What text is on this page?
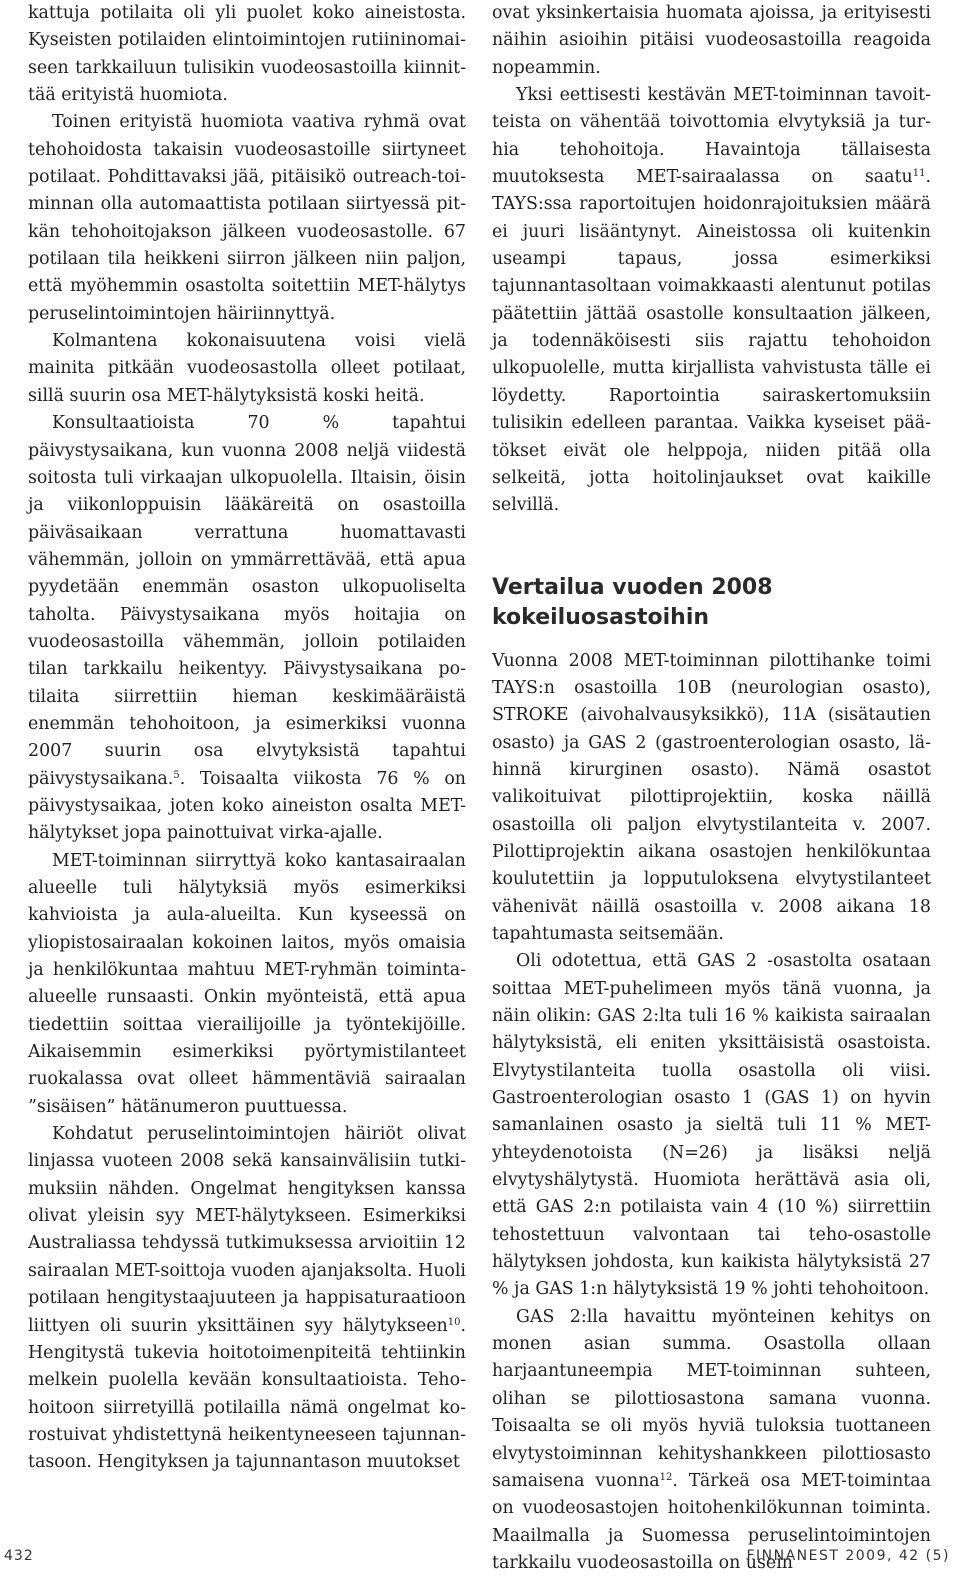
kattuja potilaita oli yli puolet koko aineistosta. Kyseisten potilaiden elintoimintojen rutiininomaiseen tarkkailuun tulisikin vuodeosastoilla kiinnittää erityistä huomiota.

Toinen erityistä huomiota vaativa ryhmä ovat tehohoidosta takaisin vuodeosastoille siirtyneet potilaat. Pohdittavaksi jää, pitäisikö outreach-toiminnan olla automaattista potilaan siirtyessä pitkän tehohoitojakson jälkeen vuodeosastolle. 67 potilaan tila heikkeni siirron jälkeen niin paljon, että myöhemmin osastolta soitettiin MET-hälytys peruselintoimintojen häiriinnyttyä.

Kolmantena kokonaisuutena voisi vielä mainita pitkään vuodeosastolla olleet potilaat, sillä suurin osa MET-hälytyksistä koski heitä.

Konsultaatioista 70 % tapahtui päivystysaikana, kun vuonna 2008 neljä viidestä soitosta tuli virkaajan ulkopuolella. Iltaisin, öisin ja viikonloppuisin lääkäreitä on osastoilla päiväsaikaan verrattuna huomattavasti vähemmän, jolloin on ymmärrettävää, että apua pyydetään enemmän osaston ulkopuoliselta taholta. Päivystysaikana myös hoitajia on vuodeosastoilla vähemmän, jolloin potilaiden tilan tarkkailu heikentyy. Päivystysaikana potilaita siirrettiin hieman keskimääräistä enemmän tehohoitoon, ja esimerkiksi vuonna 2007 suurin osa elvytyksistä tapahtui päivystysaikana.$^5$. Toisaalta viikosta 76 % on päivystysaikaa, joten koko aineiston osalta MET-hälytykset jopa painottuivat virka-ajalle.

MET-toiminnan siirryttyä koko kantasairaalan alueelle tuli hälytyksiä myös esimerkiksi kahvioista ja aula-alueilta. Kun kyseessä on yliopistosairaalan kokoinen laitos, myös omaisia ja henkilökuntaa mahtuu MET-ryhmän toiminta-alueelle runsaasti. Onkin myönteistä, että apua tiedettiin soittaa vierailijoille ja työntekijöille. Aikaisemmin esimerkiksi pyörtymistilanteet ruokalassa ovat olleet hämmentäviä sairaalan ”sisäisen” hätänumeron puuttuessa.

Kohdatut peruselintoimintojen häiriöt olivat linjassa vuoteen 2008 sekä kansainvälisiin tutkimuksiin nähden. Ongelmat hengityksen kanssa olivat yleisin syy MET-hälytykseen. Esimerkiksi Australiassa tehdyssä tutkimuksessa arvioitiin 12 sairaalan MET-soittoja vuoden ajanjaksolta. Huoli potilaan hengitystaajuuteen ja happisaturaatioon liittyen oli suurin yksittäinen syy hälytykseen$^{10}$. Hengitystä tukevia hoitotoimenpiteitä tehtiinkin melkein puolella kevään konsultaatioista. Tehohoitoon siirretyillä potilailla nämä ongelmat korostuivat yhdistettynä heikentyneeseen tajunnantasoon. Hengityksen ja tajunnantason muutokset

ovat yksinkertaisia huomata ajoissa, ja erityisesti näihin asioihin pitäisi vuodeosastoilla reagoida nopeammin.

Yksi eettisesti kestävän MET-toiminnan tavoitteista on vähentää toivottomia elvytyksiä ja turhia tehohoitoja. Havaintoja tällaisesta muutoksesta MET-sairaalassa on saatu$^{11}$. TAYS:ssa raportoitujen hoidonrajoituksien määrä ei juuri lisääntynyt. Aineistossa oli kuitenkin useampi tapaus, jossa esimerkiksi tajunnantasoltaan voimakkaasti alentunut potilas päätettiin jättää osastolle konsultaation jälkeen, ja todennäköisesti siis rajattu tehohoidon ulkopuolelle, mutta kirjallista vahvistusta tälle ei löydetty. Raportointia sairaskertomuksiin tulisikin edelleen parantaa. Vaikka kyseiset päätökset eivät ole helppoja, niiden pitää olla selkeitä, jotta hoitolinjaukset ovat kaikille selvillä.

Vertailua vuoden 2008 kokeiluosastoihin

Vuonna 2008 MET-toiminnan pilottihanke toimi TAYS:n osastoilla 10B (neurologian osasto), STROKE (aivohalvausyksikkö), 11A (sisätautien osasto) ja GAS 2 (gastroenterologian osasto, lähinnä kirurginen osasto). Nämä osastot valikoituivat pilottiprojektiin, koska näillä osastoilla oli paljon elvytystilanteita v. 2007. Pilottiprojektin aikana osastojen henkilökuntaa koulutettiin ja lopputuloksena elvytystilanteet vähenivät näillä osastoilla v. 2008 aikana 18 tapahtumasta seitsemään.

Oli odotettua, että GAS 2 -osastolta osataan soittaa MET-puhelimeen myös tänä vuonna, ja näin olikin: GAS 2:lta tuli 16 % kaikista sairaalan hälytyksistä, eli eniten yksittäisistä osastoista. Elvytystilanteita tuolla osastolla oli viisi. Gastroenterologian osasto 1 (GAS 1) on hyvin samanlainen osasto ja sieltä tuli 11 % MET-yhteydenotoista (N=26) ja lisäksi neljä elvytyshälytystä. Huomiota herättävä asia oli, että GAS 2:n potilaista vain 4 (10 %) siirrettiin tehostettuun valvontaan tai teho-osastolle hälytyksen johdosta, kun kaikista hälytyksistä 27 % ja GAS 1:n hälytyksistä 19 % johti tehohoitoon.

GAS 2:lla havaittu myönteinen kehitys on monen asian summa. Osastolla ollaan harjaantuneempia MET-toiminnan suhteen, olihan se pilottiosastona samana vuonna. Toisaalta se oli myös hyviä tuloksia tuottaneen elvytystoiminnan kehityshankkeen pilottiosasto samaisena vuonna$^{12}$. Tärkeä osa MET-toimintaa on vuodeosastojen hoitohenkilökunnan toiminta. Maailmalla ja Suomessa peruselintoimintojen tarkkailu vuodeosastoilla on usein

432	FINNANEST 2009, 42 (5)
